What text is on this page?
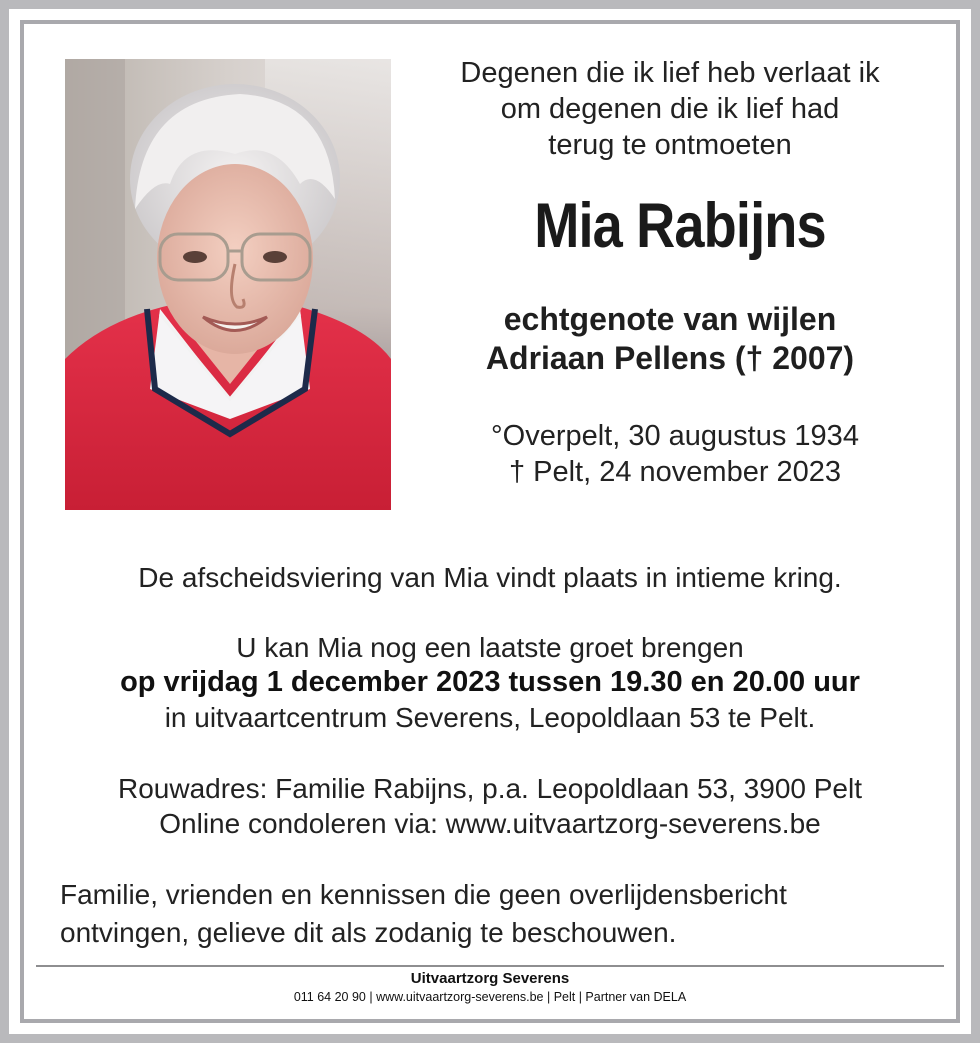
Degenen die ik lief heb verlaat ik
om degenen die ik lief had
terug te ontmoeten
Mia Rabijns
echtgenote van wijlen
Adriaan Pellens († 2007)
°Overpelt, 30 augustus 1934
† Pelt, 24 november 2023
De afscheidsviering van Mia vindt plaats in intieme kring.
U kan Mia nog een laatste groet brengen
op vrijdag 1 december 2023 tussen 19.30 en 20.00 uur
in uitvaartcentrum Severens, Leopoldlaan 53 te Pelt.
Rouwadres: Familie Rabijns, p.a. Leopoldlaan 53, 3900 Pelt
Online condoleren via: www.uitvaartzorg-severens.be
Familie, vrienden en kennissen die geen overlijdensbericht
ontvingen, gelieve dit als zodanig te beschouwen.
Uitvaartzorg Severens
011 64 20 90 | www.uitvaartzorg-severens.be | Pelt | Partner van DELA
